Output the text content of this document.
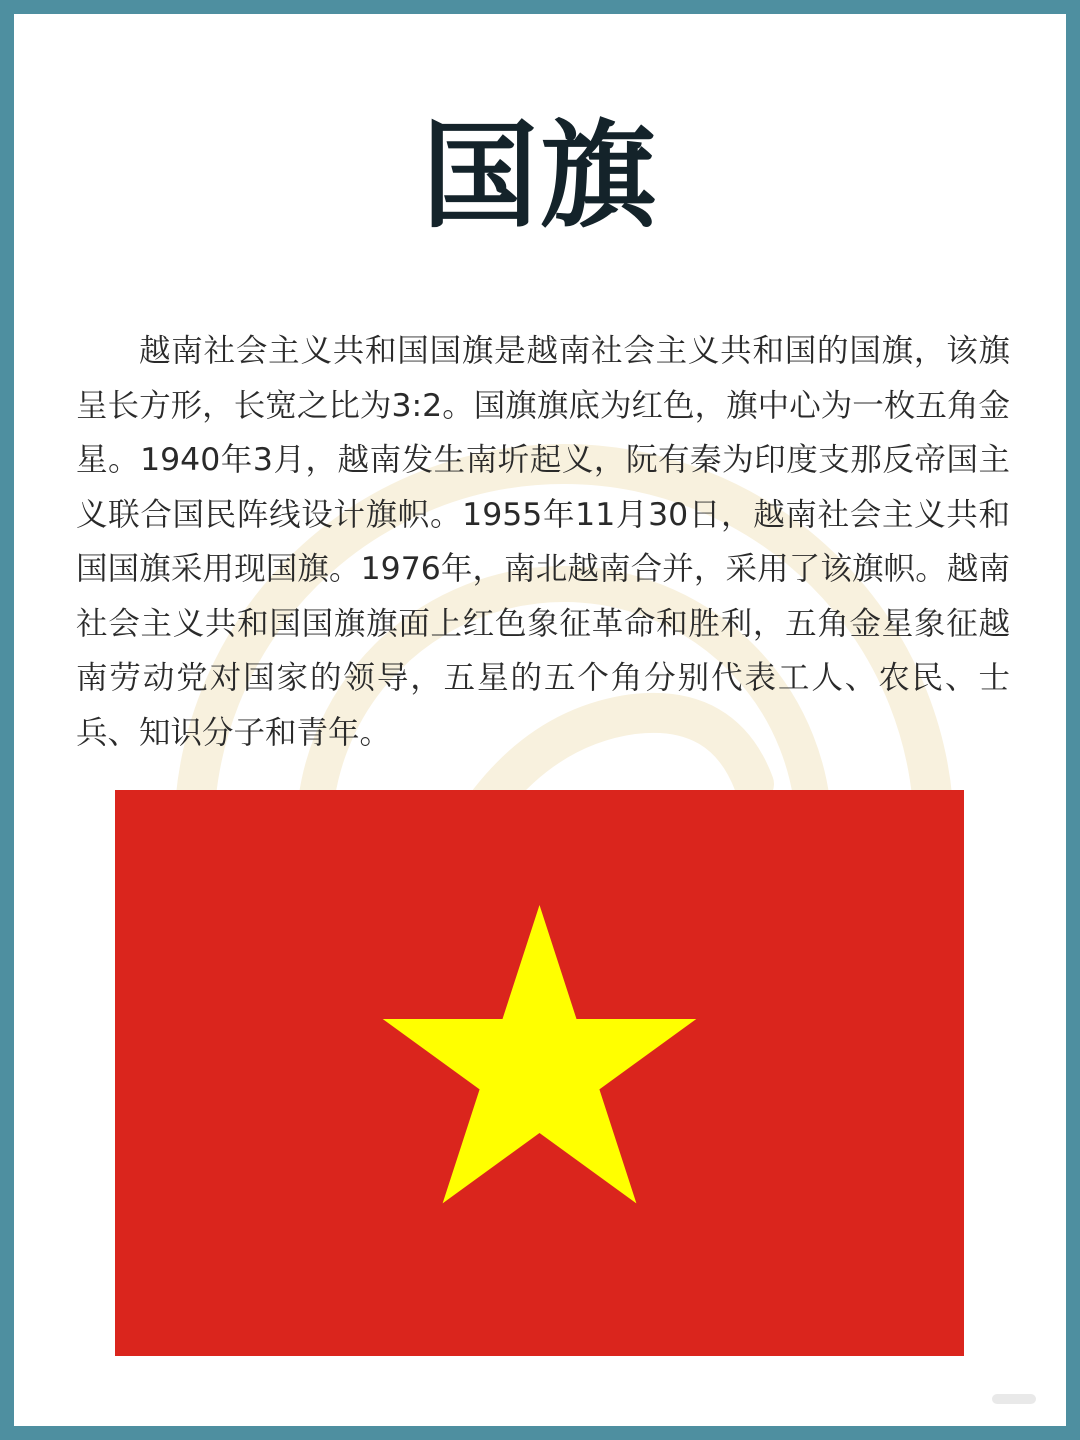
国旗

越南社会主义共和国国旗是越南社会主义共和国的国旗，该旗呈长方形，长宽之比为3:2。国旗旗底为红色，旗中心为一枚五角金星。1940年3月，越南发生南圻起义，阮有秦为印度支那反帝国主义联合国民阵线设计旗帜。1955年11月30日，越南社会主义共和国国旗采用现国旗。1976年，南北越南合并，采用了该旗帜。越南社会主义共和国国旗旗面上红色象征革命和胜利，五角金星象征越南劳动党对国家的领导，五星的五个角分别代表工人、农民、士兵、知识分子和青年。
